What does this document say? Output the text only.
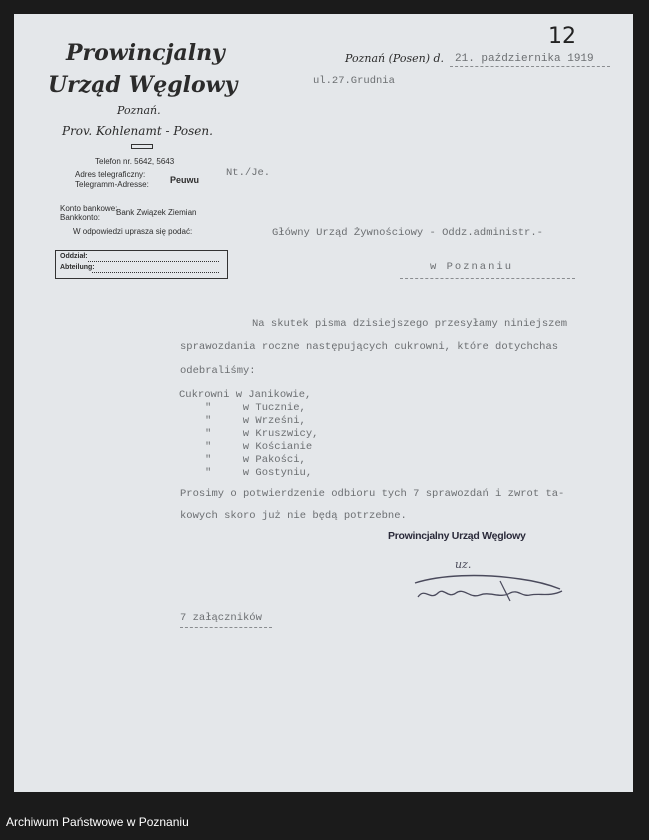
Prowincjalny
Urząd Węglowy
Poznań.
Prov. Kohlenamt - Posen.
Telefon nr. 5642, 5643
Adres telegraficzny:
Telegramm-Adresse: Peuwu
Konto bankowe:
Bankkonto:
Bank Związek Ziemian
W odpowiedzi uprasza się podać:
Oddział:
Abteilung:
Poznań (Posen) d. 21. października 1919
12
ul.27.Grudnia
Nt./Je.
Główny Urząd Żywnościowy - Oddz.administr.-
w Poznaniu
Na skutek pisma dzisiejszego przesyłamy niniejszem
sprawozdania roczne następujących cukrowni, które dotychchas
odebraliśmy:
Cukrowni w Janikowie,
"     w Tucznie,
"     w Wrześni,
"     w Kruszwicy,
"     w Kościanie
"     w Pakości,
"     w Gostyniu,
Prosimy o potwierdzenie odbioru tych 7 sprawozdań i zwrot ta-
kowych skoro już nie będą potrzebne.
Prowincjalny Urząd Węglowy
uz.
7 załączników
Archiwum Państwowe w Poznaniu
